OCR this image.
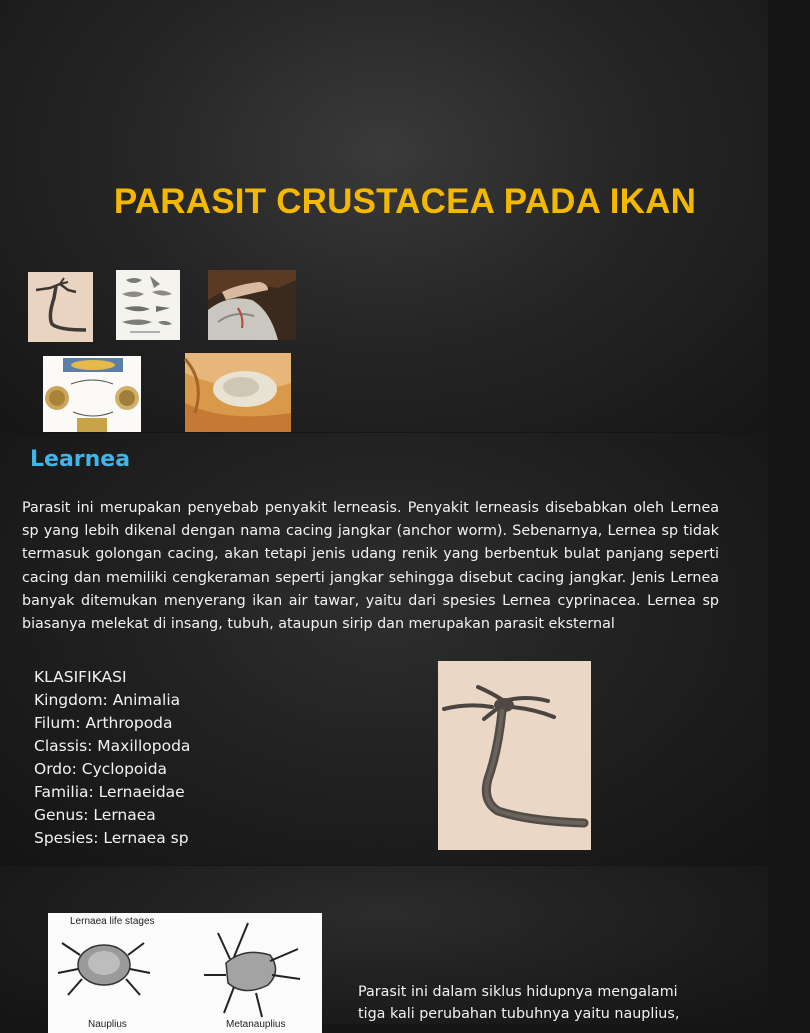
PARASIT CRUSTACEA PADA IKAN
Learnea

Parasit ini merupakan penyebab penyakit lerneasis. Penyakit lerneasis disebabkan oleh Lernea sp yang lebih dikenal dengan nama cacing jangkar (anchor worm). Sebenarnya, Lernea sp tidak termasuk golongan cacing, akan tetapi jenis udang renik yang berbentuk bulat panjang seperti cacing dan memiliki cengkeraman seperti jangkar sehingga disebut cacing jangkar. Jenis Lernea banyak ditemukan menyerang ikan air tawar, yaitu dari spesies Lernea cyprinacea. Lernea sp biasanya melekat di insang, tubuh, ataupun sirip dan merupakan parasit eksternal

KLASIFIKASI
Kingdom: Animalia
Filum: Arthropoda
Classis: Maxillopoda
Ordo: Cyclopoida
Familia: Lernaeidae
Genus: Lernaea
Spesies: Lernaea sp
Lernaea life stages
Nauplius	Metanauplius
Parasit ini dalam siklus hidupnya mengalami
tiga kali perubahan tubuhnya yaitu nauplius,
